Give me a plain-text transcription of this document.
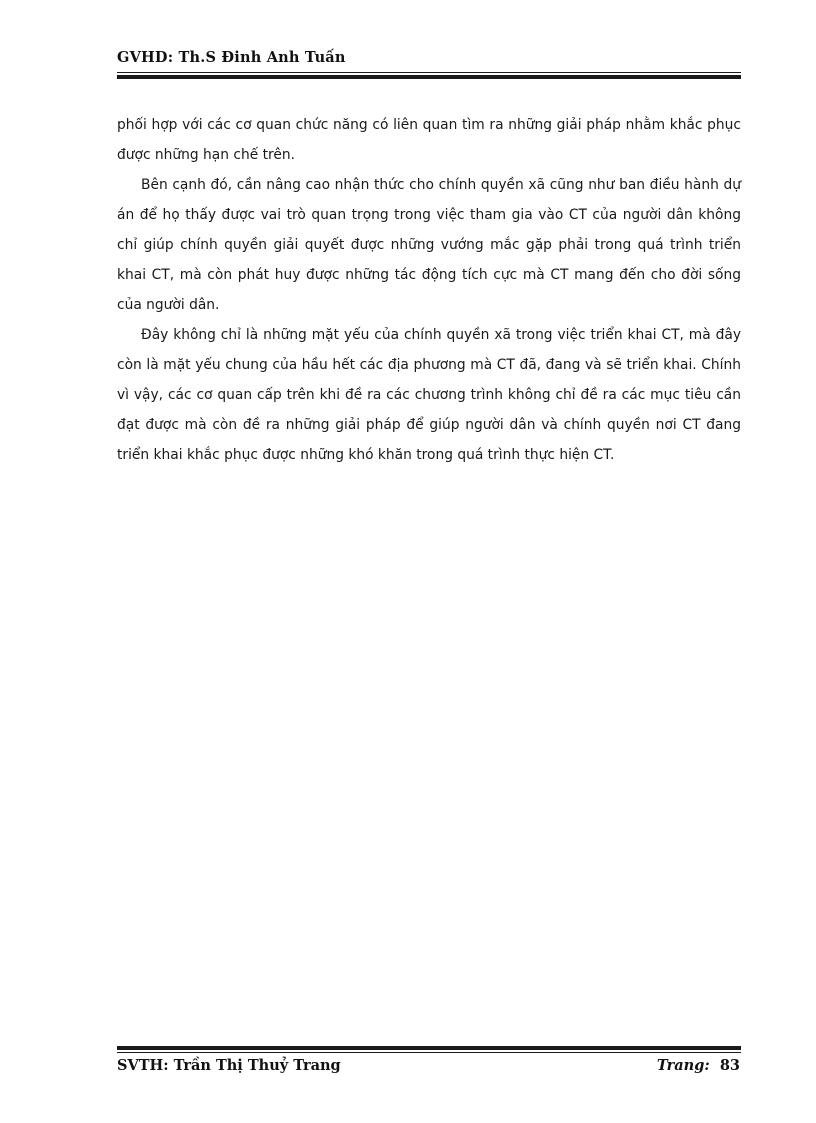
GVHD: Th.S Đinh Anh Tuấn

phối hợp với các cơ quan chức năng có liên quan tìm ra những giải pháp nhằm khắc phục được những hạn chế trên.

Bên cạnh đó, cần nâng cao nhận thức cho chính quyền xã cũng như ban điều hành dự án để họ thấy được vai trò quan trọng trong việc tham gia vào CT của người dân không chỉ giúp chính quyền giải quyết được những vướng mắc gặp phải trong quá trình triển khai CT, mà còn phát huy được những tác động tích cực mà CT mang đến cho đời sống của người dân.

Đây không chỉ là những mặt yếu của chính quyền xã trong việc triển khai CT, mà đây còn là mặt yếu chung của hầu hết các địa phương mà CT đã, đang và sẽ triển khai. Chính vì vậy, các cơ quan cấp trên khi đề ra các chương trình không chỉ đề ra các mục tiêu cần đạt được mà còn đề ra những giải pháp để giúp người dân và chính quyền nơi CT đang triển khai khắc phục được những khó khăn trong quá trình thực hiện CT.

SVTH: Trần Thị Thuỷ Trang	Trang: 83
